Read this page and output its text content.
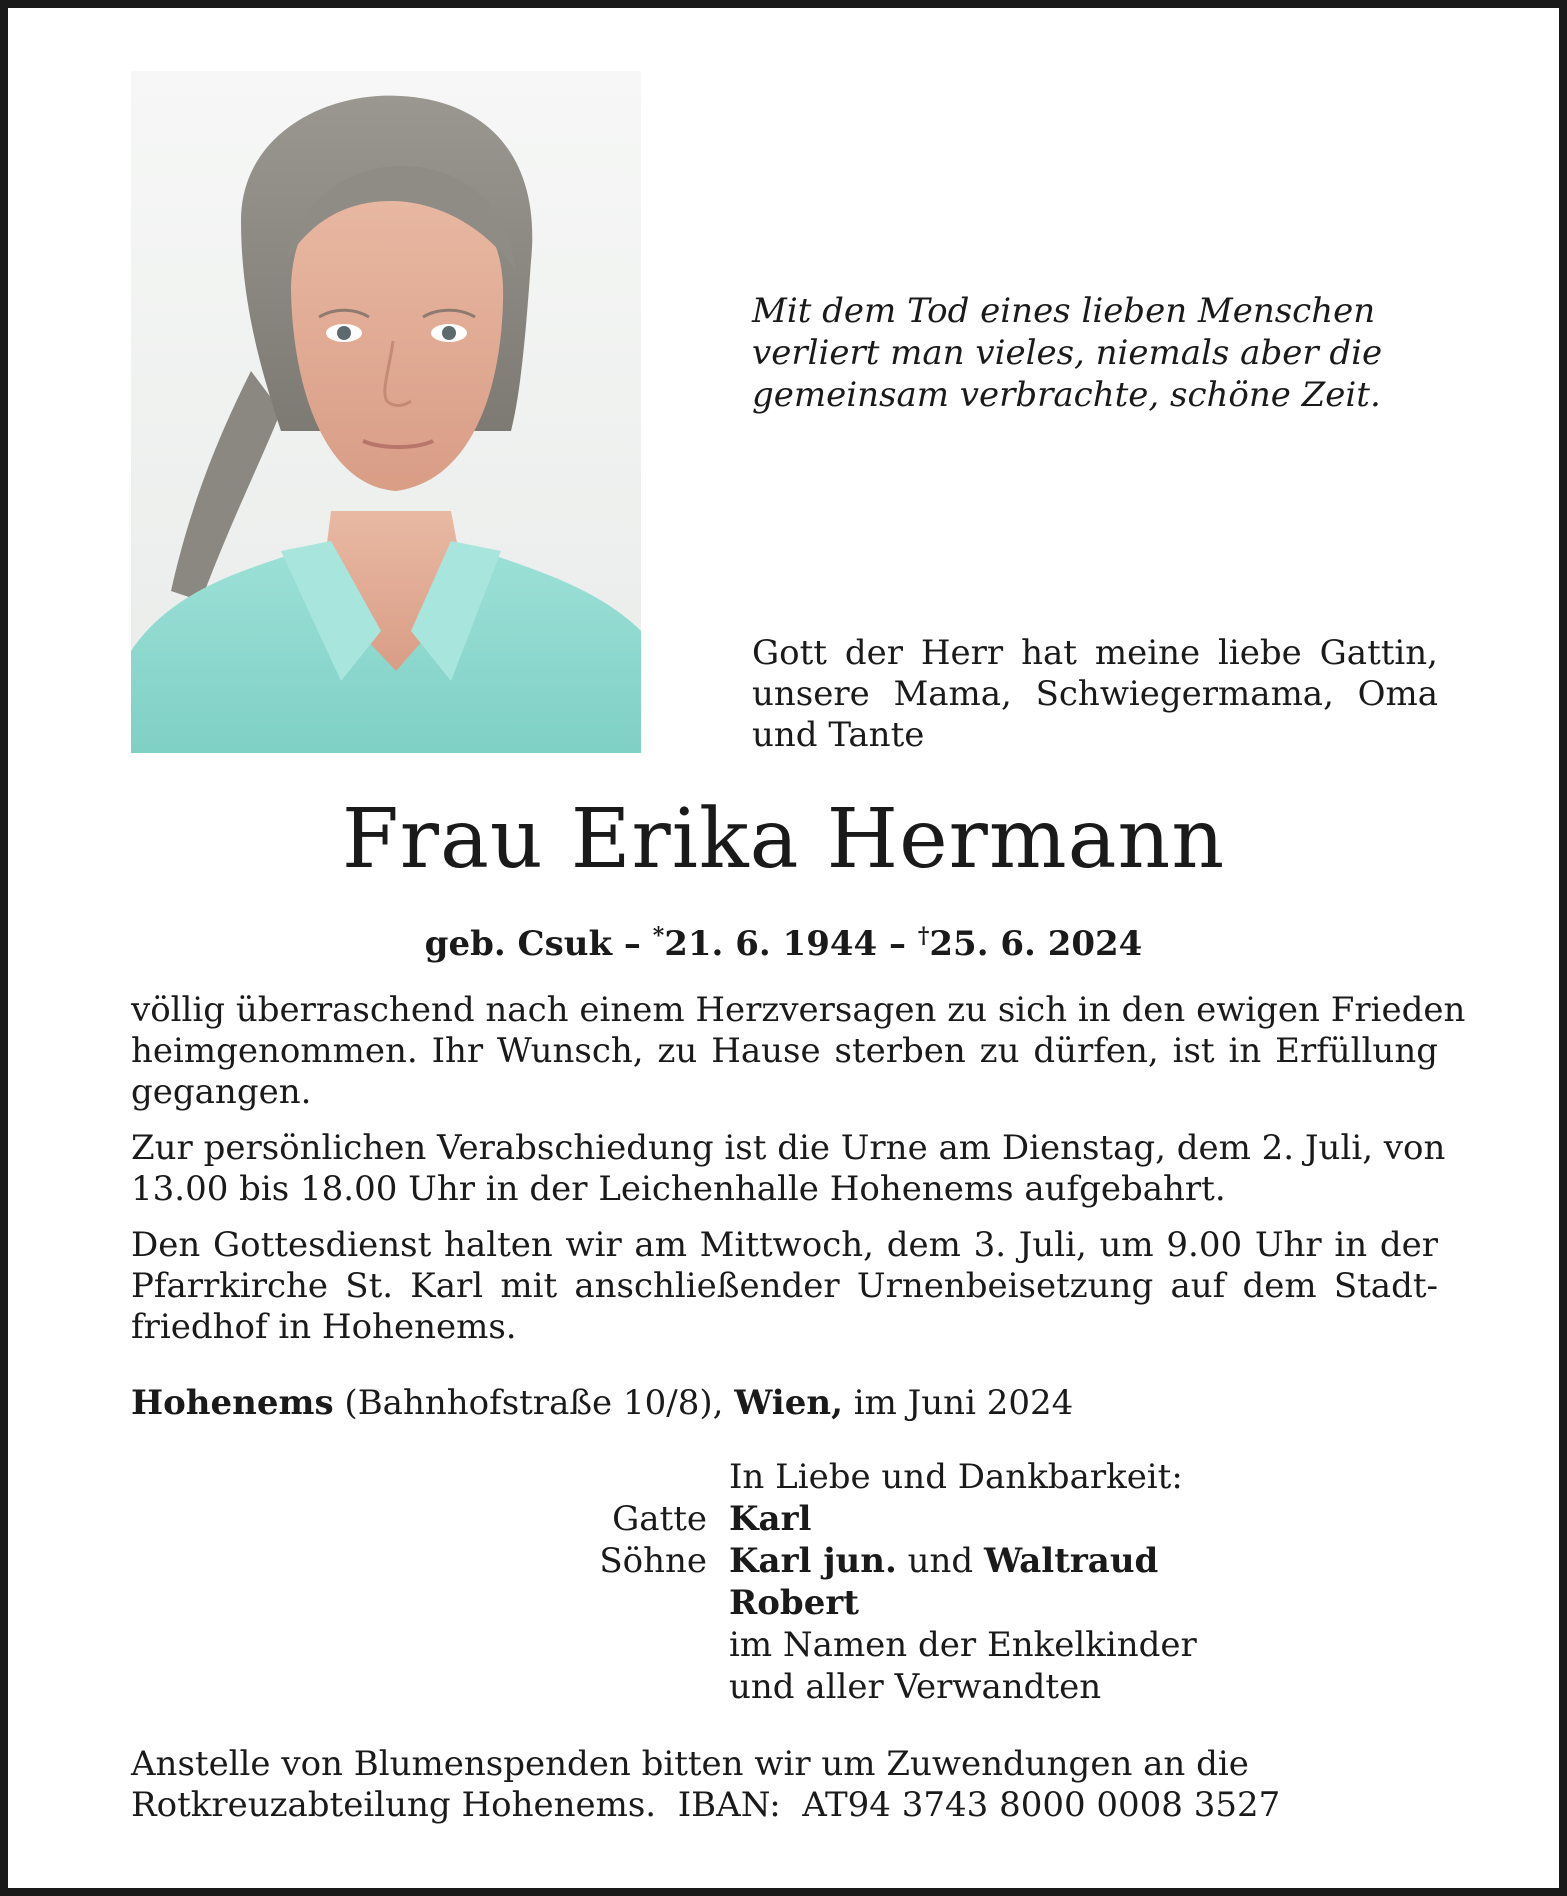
Mit dem Tod eines lieben Menschen
verliert man vieles, niemals aber die
gemeinsam verbrachte, schöne Zeit.
Gott der Herr hat meine liebe Gattin,
unsere Mama, Schwiegermama, Oma
und Tante
Frau Erika Hermann
geb. Csuk – *21. 6. 1944 – †25. 6. 2024
völlig überraschend nach einem Herzversagen zu sich in den ewigen Frieden
heimgenommen. Ihr Wunsch, zu Hause sterben zu dürfen, ist in Erfüllung
gegangen.
Zur persönlichen Verabschiedung ist die Urne am Dienstag, dem 2. Juli, von
13.00 bis 18.00 Uhr in der Leichenhalle Hohenems aufgebahrt.
Den Gottesdienst halten wir am Mittwoch, dem 3. Juli, um 9.00 Uhr in der
Pfarrkirche St. Karl mit anschließender Urnenbeisetzung auf dem Stadt-
friedhof in Hohenems.
Hohenems (Bahnhofstraße 10/8), Wien, im Juni 2024
In Liebe und Dankbarkeit:
Gatte Karl
Söhne Karl jun. und Waltraud
Robert
im Namen der Enkelkinder
und aller Verwandten
Anstelle von Blumenspenden bitten wir um Zuwendungen an die
Rotkreuzabteilung Hohenems.  IBAN:  AT94 3743 8000 0008 3527
